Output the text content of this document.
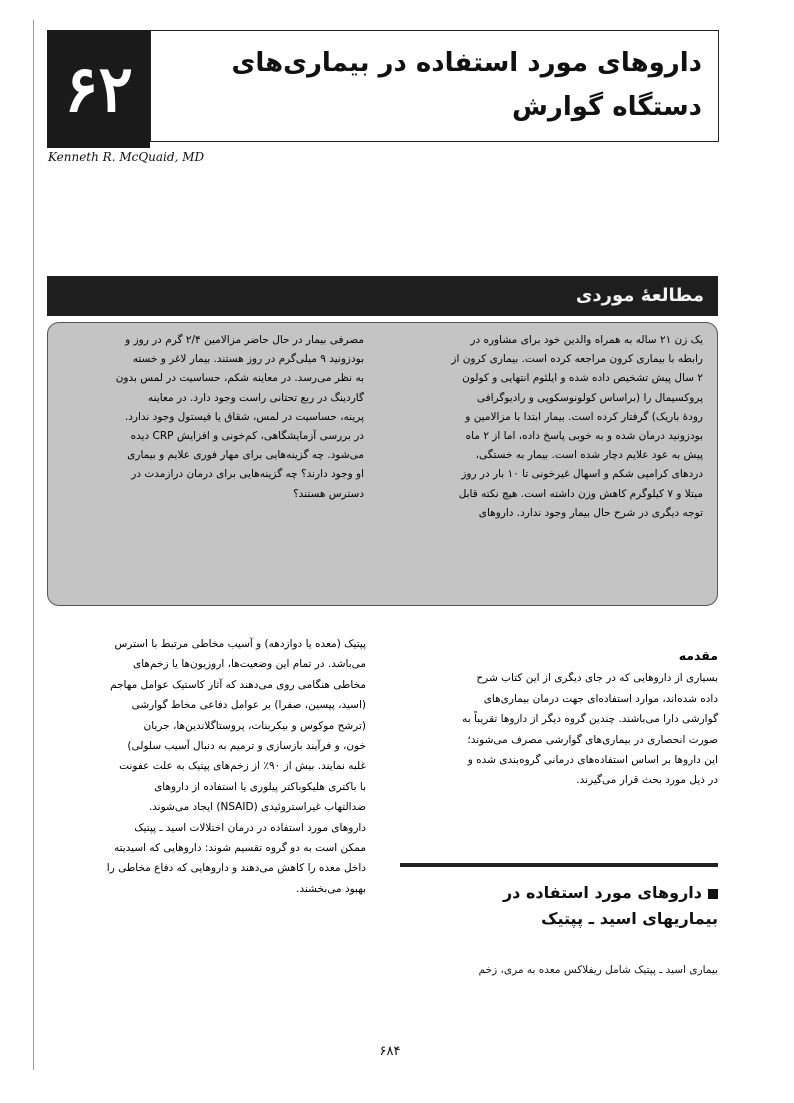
۶۲	داروهای مورد استفاده در بیماری‌های
دستگاه گوارش
Kenneth R. McQuaid, MD
مطالعهٔ موردی
یک زن ۲۱ ساله به همراه والدین خود برای مشاوره در
رابطه با بیماری کرون مراجعه کرده است. بیماری کرون از
۲ سال پیش تشخیص داده شده و ایلئوم انتهایی و کولون
پروکسیمال را (براساس کولونوسکوپی و رادیوگرافی
رودهٔ باریک) گرفتار کرده است. بیمار ابتدا با مزالامین و
بودزونید درمان شده و به خوبی پاسخ داده، اما از ۲ ماه
پیش به عود علایم دچار شده است. بیمار به خستگی،
دردهای کرامپی شکم و اسهال غیرخونی تا ۱۰ بار در روز
مبتلا و ۷ کیلوگرم کاهش وزن داشته است. هیچ نکته قابل
توجه دیگری در شرح حال بیمار وجود ندارد. داروهای
مصرفی بیمار در حال حاضر مزالامین ۲/۴ گرم در روز و
بودزونید ۹ میلی‌گرم در روز هستند. بیمار لاغر و خسته
به نظر می‌رسد. در معاینه شکم، حساسیت در لمس بدون
گاردینگ در ربع تحتانی راست وجود دارد. در معاینه
پرینه، حساسیت در لمس، شقاق یا فیستول وجود ندارد.
در بررسی آزمایشگاهی، کم‌خونی و افزایش CRP دیده
می‌شود. چه گزینه‌هایی برای مهار فوری علایم و بیماری
او وجود دارند؟ چه گزینه‌هایی برای درمان درازمدت در
دسترس هستند؟
مقدمه
بسیاری از داروهایی که در جای دیگری از این کتاب شرح
داده شده‌اند، موارد استفاده‌ای جهت درمان بیماری‌های
گوارشی دارا می‌باشند. چندین گروه دیگر از داروها تقریباً به
صورت انحصاری در بیماری‌های گوارشی مصرف می‌شوند؛
این داروها بر اساس استفاده‌های درمانی گروه‌بندی شده و
در ذیل مورد بحث قرار می‌گیرند.
داروهای مورد استفاده در
بیماریهای اسید ـ پپتیک
بیماری اسید ـ پپتیک شامل ریفلاکس معده به مری، زخم
پپتیک (معده یا دوازدهه) و آسیب مخاطی مرتبط با استرس
می‌باشد. در تمام این وضعیت‌ها، اروزیون‌ها یا زخم‌های
مخاطی هنگامی روی می‌دهند که آثار کاستیک عوامل مهاجم
(اسید، پپسین، صفرا) بر عوامل دفاعی مخاط گوارشی
(ترشح موکوس و بیکربنات، پروستاگلاندین‌ها، جریان
خون، و فرآیند بازسازی و ترمیم به دنبال آسیب سلولی)
غلبه نمایند. بیش از ۹۰٪ از زخم‌های پپتیک به علت عفونت
با باکتری هلیکوباکتر پیلوری یا استفاده از داروهای
ضدالتهاب غیراستروئیدی (NSAID) ایجاد می‌شوند.
داروهای مورد استفاده در درمان اختلالات اسید ـ پپتیک
ممکن است به دو گروه تقسیم شوند: داروهایی که اسیدیته
داخل معده را کاهش می‌دهند و داروهایی که دفاع مخاطی را
بهبود می‌بخشند.
۶۸۴
